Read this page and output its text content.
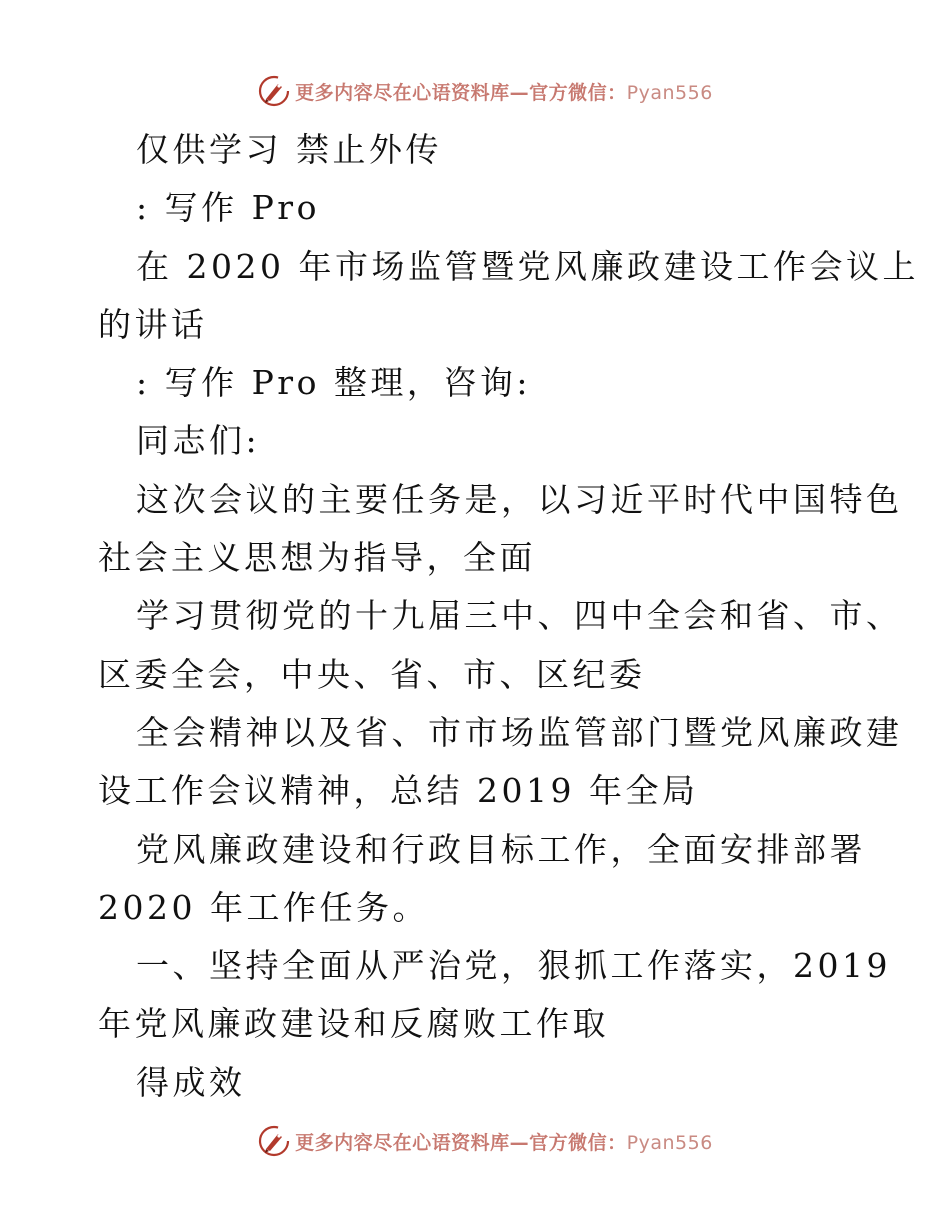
更多内容尽在心语资料库—官方微信：Pyan556
仅供学习 禁止外传
: 写作 Pro
在 2020 年市场监管暨党风廉政建设工作会议上
的讲话
: 写作 Pro 整理，咨询:
同志们:
这次会议的主要任务是，以习近平时代中国特色
社会主义思想为指导，全面
学习贯彻党的十九届三中、四中全会和省、市、
区委全会，中央、省、市、区纪委
全会精神以及省、市市场监管部门暨党风廉政建
设工作会议精神，总结 2019 年全局
党风廉政建设和行政目标工作，全面安排部署
2020 年工作任务。
一、坚持全面从严治党，狠抓工作落实，2019
年党风廉政建设和反腐败工作取
得成效
更多内容尽在心语资料库—官方微信：Pyan556
